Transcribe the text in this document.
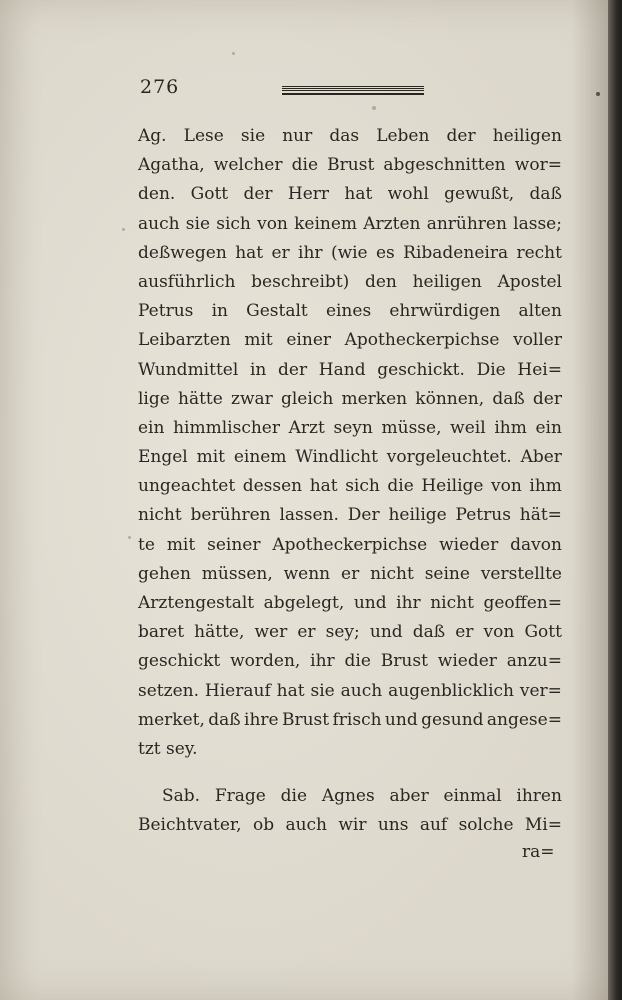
276
Ag. Lese sie nur das Leben der heiligen
Agatha, welcher die Brust abgeschnitten wor=
den. Gott der Herr hat wohl gewußt, daß
auch sie sich von keinem Arzten anrühren lasse;
deßwegen hat er ihr (wie es Ribadeneira recht
ausführlich beschreibt) den heiligen Apostel
Petrus in Gestalt eines ehrwürdigen alten
Leibarzten mit einer Apotheckerpichse voller
Wundmittel in der Hand geschickt. Die Hei=
lige hätte zwar gleich merken können, daß der
ein himmlischer Arzt seyn müsse, weil ihm ein
Engel mit einem Windlicht vorgeleuchtet. Aber
ungeachtet dessen hat sich die Heilige von ihm
nicht berühren lassen. Der heilige Petrus hät=
te mit seiner Apotheckerpichse wieder davon
gehen müssen, wenn er nicht seine verstellte
Arztengestalt abgelegt, und ihr nicht geoffen=
baret hätte, wer er sey; und daß er von Gott
geschickt worden, ihr die Brust wieder anzu=
setzen. Hierauf hat sie auch augenblicklich ver=
merket, daß ihre Brust frisch und gesund angese=
tzt sey.
Sab. Frage die Agnes aber einmal ihren
Beichtvater, ob auch wir uns auf solche Mi=
ra=
